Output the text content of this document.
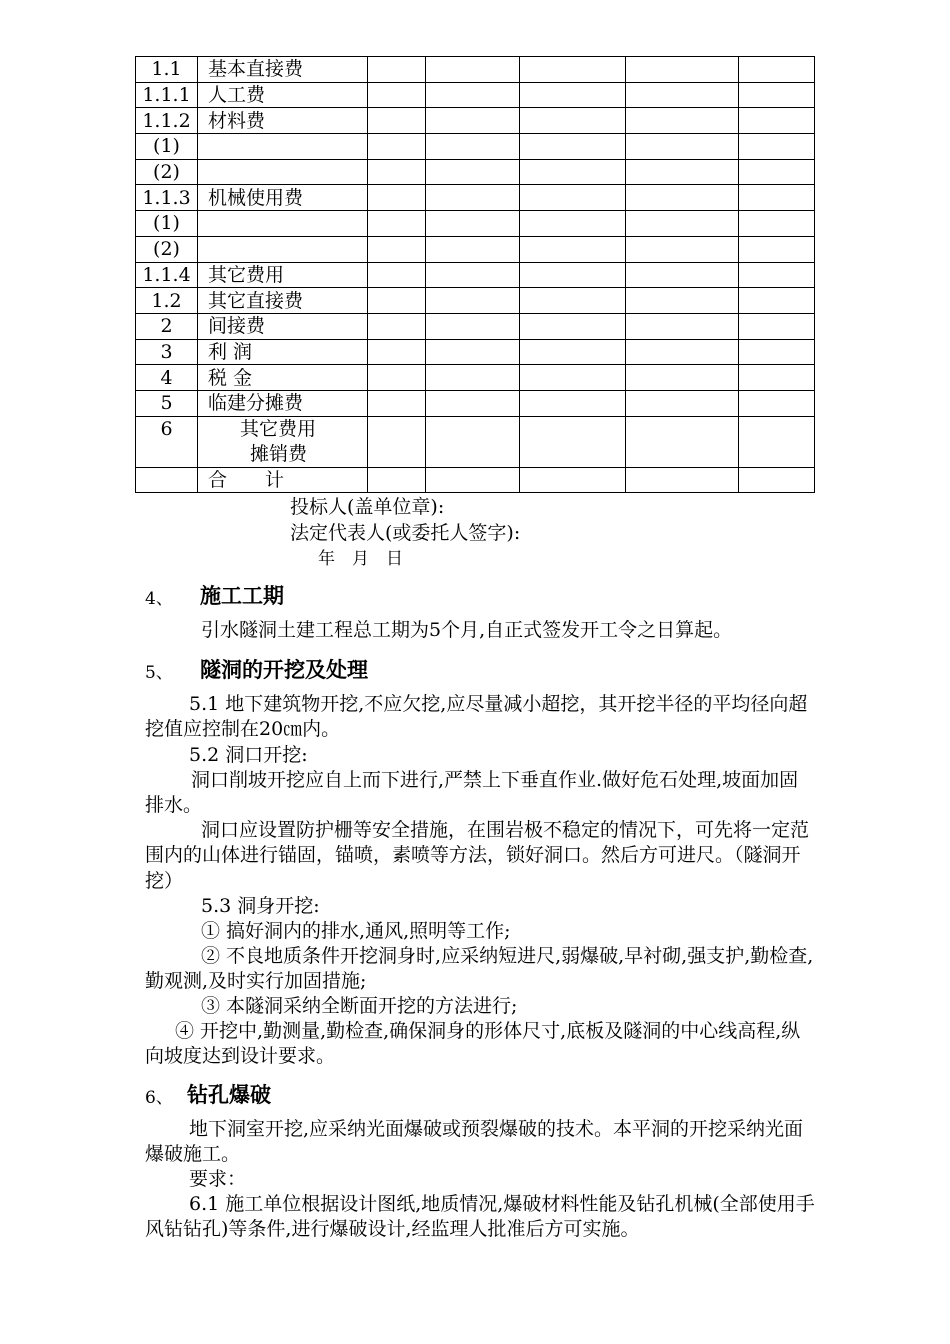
1.1	基本直接费					
1.1.1	人工费					
1.1.2	材料费					
(1)						
(2)						
1.1.3	机械使用费					
(1)						
(2)						
1.1.4	其它费用					
1.2	其它直接费					
2	间接费					
3	利 润					
4	税 金					
5	临建分摊费					
6	其它费用
摊销费					

	合　　计					
投标人(盖单位章):
法定代表人(或委托人签字):
年　月　日
4、 施工工期
引水隧洞土建工程总工期为5个月,自正式签发开工令之日算起。
5、 隧洞的开挖及处理
5.1 地下建筑物开挖,不应欠挖,应尽量减小超挖，其开挖半径的平均径向超挖值应控制在20㎝内。
5.2 洞口开挖:
洞口削坡开挖应自上而下进行,严禁上下垂直作业.做好危石处理,坡面加固排水。
洞口应设置防护栅等安全措施，在围岩极不稳定的情况下，可先将一定范围内的山体进行锚固，锚喷，素喷等方法，锁好洞口。然后方可进尺。（隧洞开挖）
5.3 洞身开挖:
① 搞好洞内的排水,通风,照明等工作;
② 不良地质条件开挖洞身时,应采纳短进尺,弱爆破,早衬砌,强支护,勤检查,勤观测,及时实行加固措施;
③ 本隧洞采纳全断面开挖的方法进行;
④ 开挖中,勤测量,勤检查,确保洞身的形体尺寸,底板及隧洞的中心线高程,纵向坡度达到设计要求。
6、 钻孔爆破
地下洞室开挖,应采纳光面爆破或预裂爆破的技术。本平洞的开挖采纳光面爆破施工。
要求：
6.1 施工单位根据设计图纸,地质情况,爆破材料性能及钻孔机械(全部使用手风钻钻孔)等条件,进行爆破设计,经监理人批准后方可实施。
